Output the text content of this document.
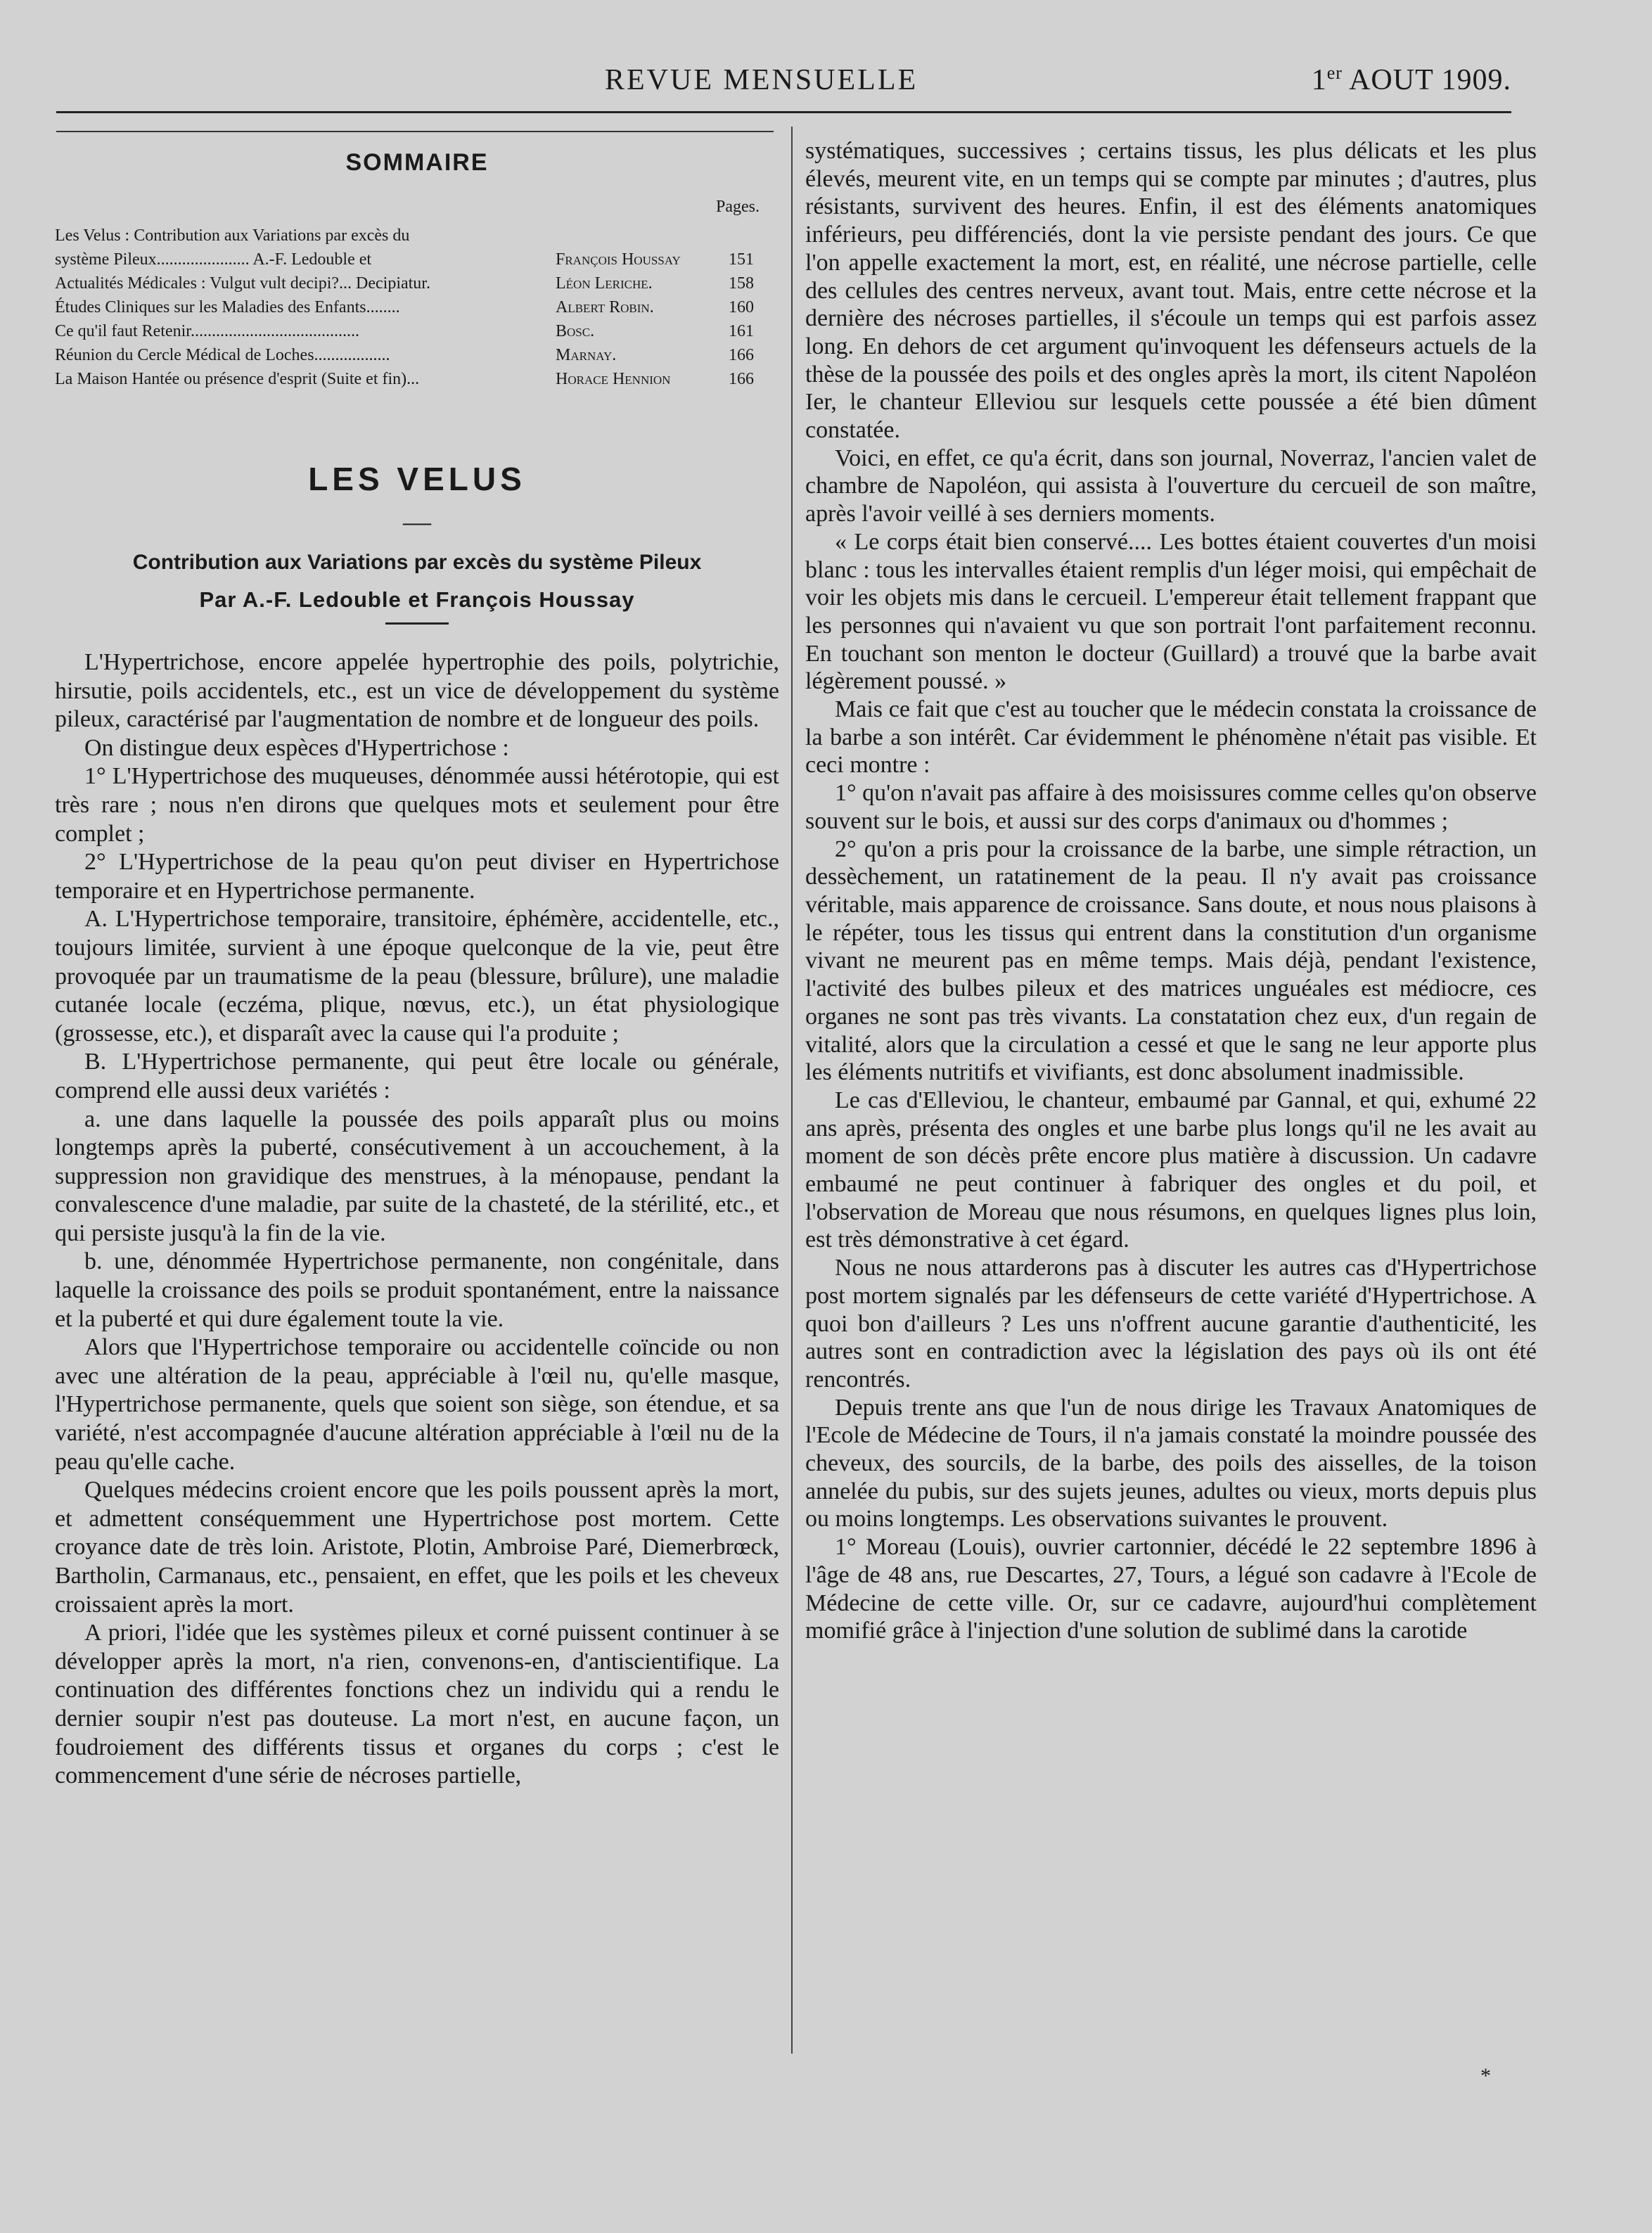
REVUE MENSUELLE	1er AOUT 1909.
SOMMAIRE
Pages.
Les Velus : Contribution aux Variations par excès du
système Pileux...................... A.-F. Ledouble et	François Houssay	151
Actualités Médicales : Vulgut vult decipi?... Decipiatur.	Léon Leriche.	158
Études Cliniques sur les Maladies des Enfants........	Albert Robin.	160
Ce qu'il faut Retenir........................................	Bosc.	161
Réunion du Cercle Médical de Loches..................	Marnay.	166
La Maison Hantée ou présence d'esprit (Suite et fin)...	Horace Hennion	166
LES VELUS
—
Contribution aux Variations par excès du système Pileux
Par A.-F. Ledouble et François Houssay

L'Hypertrichose, encore appelée hypertrophie des poils, polytrichie, hirsutie, poils accidentels, etc., est un vice de développement du système pileux, caractérisé par l'augmentation de nombre et de longueur des poils.

On distingue deux espèces d'Hypertrichose :

1° L'Hypertrichose des muqueuses, dénommée aussi hétérotopie, qui est très rare ; nous n'en dirons que quelques mots et seulement pour être complet ;

2° L'Hypertrichose de la peau qu'on peut diviser en Hypertrichose temporaire et en Hypertrichose permanente.

A. L'Hypertrichose temporaire, transitoire, éphémère, accidentelle, etc., toujours limitée, survient à une époque quelconque de la vie, peut être provoquée par un traumatisme de la peau (blessure, brûlure), une maladie cutanée locale (eczéma, plique, nœvus, etc.), un état physiologique (grossesse, etc.), et disparaît avec la cause qui l'a produite ;

B. L'Hypertrichose permanente, qui peut être locale ou générale, comprend elle aussi deux variétés :

a. une dans laquelle la poussée des poils apparaît plus ou moins longtemps après la puberté, consécutivement à un accouchement, à la suppression non gravidique des menstrues, à la ménopause, pendant la convalescence d'une maladie, par suite de la chasteté, de la stérilité, etc., et qui persiste jusqu'à la fin de la vie.

b. une, dénommée Hypertrichose permanente, non congénitale, dans laquelle la croissance des poils se produit spontanément, entre la naissance et la puberté et qui dure également toute la vie.

Alors que l'Hypertrichose temporaire ou accidentelle coïncide ou non avec une altération de la peau, appréciable à l'œil nu, qu'elle masque, l'Hypertrichose permanente, quels que soient son siège, son étendue, et sa variété, n'est accompagnée d'aucune altération appréciable à l'œil nu de la peau qu'elle cache.

Quelques médecins croient encore que les poils poussent après la mort, et admettent conséquemment une Hypertrichose post mortem. Cette croyance date de très loin. Aristote, Plotin, Ambroise Paré, Diemerbrœck, Bartholin, Carmanaus, etc., pensaient, en effet, que les poils et les cheveux croissaient après la mort.

A priori, l'idée que les systèmes pileux et corné puissent continuer à se développer après la mort, n'a rien, convenons-en, d'antiscientifique. La continuation des différentes fonctions chez un individu qui a rendu le dernier soupir n'est pas douteuse. La mort n'est, en aucune façon, un foudroiement des différents tissus et organes du corps ; c'est le commencement d'une série de nécroses partielle,

systématiques, successives ; certains tissus, les plus délicats et les plus élevés, meurent vite, en un temps qui se compte par minutes ; d'autres, plus résistants, survivent des heures. Enfin, il est des éléments anatomiques inférieurs, peu différenciés, dont la vie persiste pendant des jours. Ce que l'on appelle exactement la mort, est, en réalité, une nécrose partielle, celle des cellules des centres nerveux, avant tout. Mais, entre cette nécrose et la dernière des nécroses partielles, il s'écoule un temps qui est parfois assez long. En dehors de cet argument qu'invoquent les défenseurs actuels de la thèse de la poussée des poils et des ongles après la mort, ils citent Napoléon Ier, le chanteur Elleviou sur lesquels cette poussée a été bien dûment constatée.

Voici, en effet, ce qu'a écrit, dans son journal, Noverraz, l'ancien valet de chambre de Napoléon, qui assista à l'ouverture du cercueil de son maître, après l'avoir veillé à ses derniers moments.

« Le corps était bien conservé.... Les bottes étaient couvertes d'un moisi blanc : tous les intervalles étaient remplis d'un léger moisi, qui empêchait de voir les objets mis dans le cercueil. L'empereur était tellement frappant que les personnes qui n'avaient vu que son portrait l'ont parfaitement reconnu. En touchant son menton le docteur (Guillard) a trouvé que la barbe avait légèrement poussé. »

Mais ce fait que c'est au toucher que le médecin constata la croissance de la barbe a son intérêt. Car évidemment le phénomène n'était pas visible. Et ceci montre :

1° qu'on n'avait pas affaire à des moisissures comme celles qu'on observe souvent sur le bois, et aussi sur des corps d'animaux ou d'hommes ;

2° qu'on a pris pour la croissance de la barbe, une simple rétraction, un dessèchement, un ratatinement de la peau. Il n'y avait pas croissance véritable, mais apparence de croissance. Sans doute, et nous nous plaisons à le répéter, tous les tissus qui entrent dans la constitution d'un organisme vivant ne meurent pas en même temps. Mais déjà, pendant l'existence, l'activité des bulbes pileux et des matrices unguéales est médiocre, ces organes ne sont pas très vivants. La constatation chez eux, d'un regain de vitalité, alors que la circulation a cessé et que le sang ne leur apporte plus les éléments nutritifs et vivifiants, est donc absolument inadmissible.

Le cas d'Elleviou, le chanteur, embaumé par Gannal, et qui, exhumé 22 ans après, présenta des ongles et une barbe plus longs qu'il ne les avait au moment de son décès prête encore plus matière à discussion. Un cadavre embaumé ne peut continuer à fabriquer des ongles et du poil, et l'observation de Moreau que nous résumons, en quelques lignes plus loin, est très démonstrative à cet égard.

Nous ne nous attarderons pas à discuter les autres cas d'Hypertrichose post mortem signalés par les défenseurs de cette variété d'Hypertrichose. A quoi bon d'ailleurs ? Les uns n'offrent aucune garantie d'authenticité, les autres sont en contradiction avec la législation des pays où ils ont été rencontrés.

Depuis trente ans que l'un de nous dirige les Travaux Anatomiques de l'Ecole de Médecine de Tours, il n'a jamais constaté la moindre poussée des cheveux, des sourcils, de la barbe, des poils des aisselles, de la toison annelée du pubis, sur des sujets jeunes, adultes ou vieux, morts depuis plus ou moins longtemps. Les observations suivantes le prouvent.

1° Moreau (Louis), ouvrier cartonnier, décédé le 22 septembre 1896 à l'âge de 48 ans, rue Descartes, 27, Tours, a légué son cadavre à l'Ecole de Médecine de cette ville. Or, sur ce cadavre, aujourd'hui complètement momifié grâce à l'injection d'une solution de sublimé dans la carotide

*
